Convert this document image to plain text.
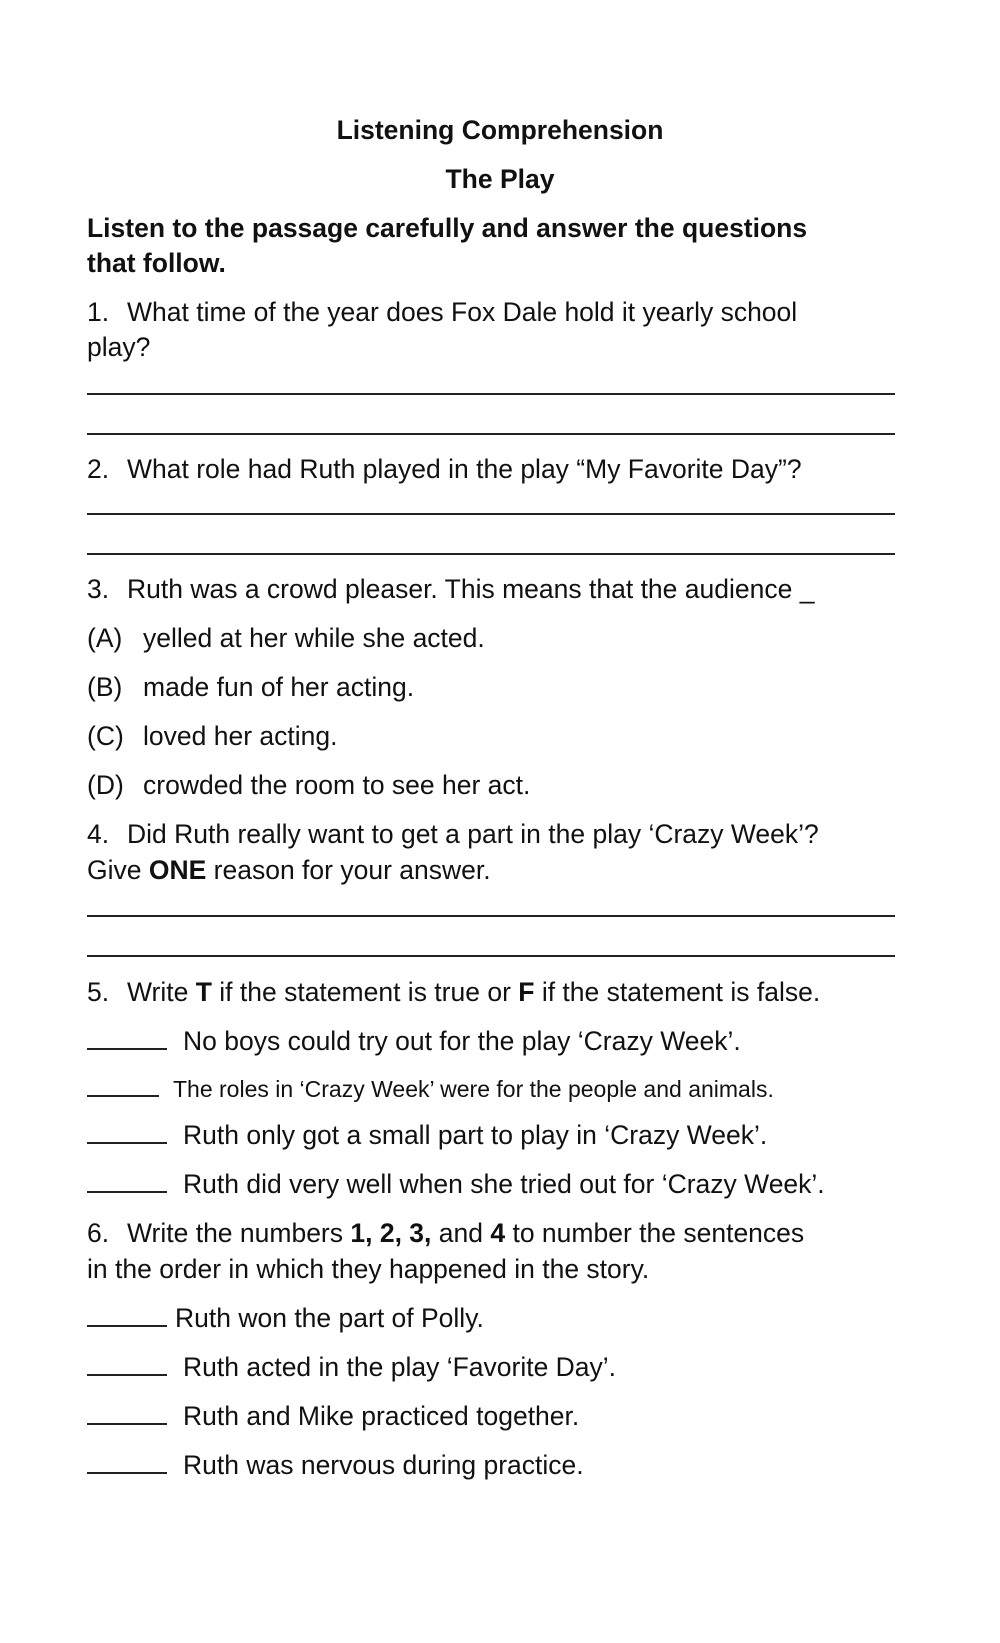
Listening Comprehension
The Play
Listen to the passage carefully and answer the questions
that follow.
1. What time of the year does Fox Dale hold it yearly school
play?
2. What role had Ruth played in the play “My Favorite Day”?
3. Ruth was a crowd pleaser. This means that the audience _
(A) yelled at her while she acted.
(B) made fun of her acting.
(C) loved her acting.
(D) crowded the room to see her act.
4. Did Ruth really want to get a part in the play ‘Crazy Week’?
Give ONE reason for your answer.
5. Write T if the statement is true or F if the statement is false.
No boys could try out for the play ‘Crazy Week’.
The roles in ‘Crazy Week’ were for the people and animals.
Ruth only got a small part to play in ‘Crazy Week’.
Ruth did very well when she tried out for ‘Crazy Week’.
6. Write the numbers 1, 2, 3, and 4 to number the sentences
in the order in which they happened in the story.
Ruth won the part of Polly.
Ruth acted in the play ‘Favorite Day’.
Ruth and Mike practiced together.
Ruth was nervous during practice.
